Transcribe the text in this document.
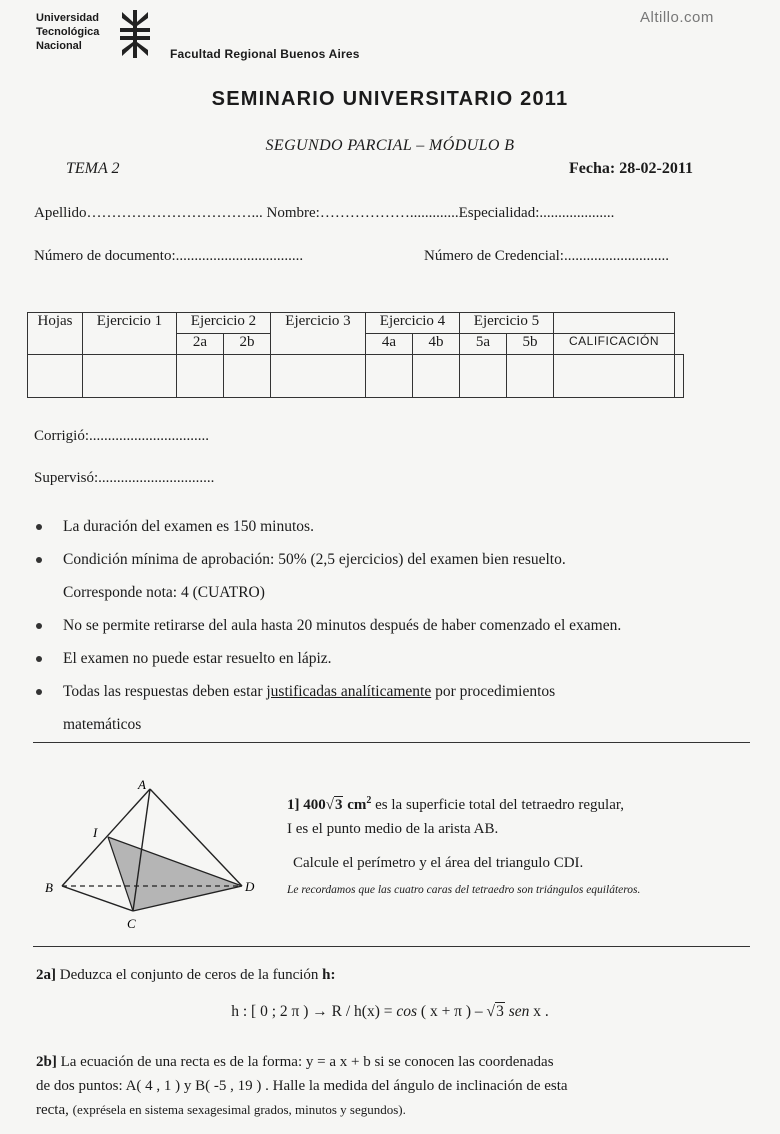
Universidad
Tecnológica
Nacional
Facultad Regional Buenos Aires
Altillo.com
SEMINARIO UNIVERSITARIO 2011
SEGUNDO PARCIAL – MÓDULO B
TEMA 2	Fecha: 28-02-2011
Apellido……………………………... Nombre:……………….............Especialidad:....................
Número de documento:..................................	Número de Credencial:............................
Hojas	Ejercicio 1	Ejercicio 2		Ejercicio 3	Ejercicio 4		Ejercicio 5			
		2a	2b		4a	4b	5a	5b	CALIFICACIÓN	

Corrigió:................................
Supervisó:...............................

La duración del examen es 150 minutos.

Condición mínima de aprobación: 50% (2,5 ejercicios) del examen bien resuelto.

Corresponde nota: 4 (CUATRO)

No se permite retirarse del aula hasta 20 minutos después de haber comenzado el examen.

El examen no puede estar resuelto en lápiz.

Todas las respuestas deben estar justificadas analíticamente por procedimientos

matemáticos

A
I
B
C
D
1] 400√3 $cm^2$ es la superficie total del tetraedro regular,
I es el punto medio de la arista AB.
Calcule el perímetro y el área del triangulo CDI.
Le recordamos que las cuatro caras del tetraedro son triángulos equiláteros.
2a] Deduzca el conjunto de ceros de la función h:
h : [ 0 ; 2 π ) → R / h(x) = cos ( x + π ) – √3 sen x .
2b] La ecuación de una recta es de la forma: y = a x + b si se conocen las coordenadas
de dos puntos: A( 4 , 1 ) y B( -5 , 19 ) . Halle la medida del ángulo de inclinación de esta
recta, (exprésela en sistema sexagesimal grados, minutos y segundos).
